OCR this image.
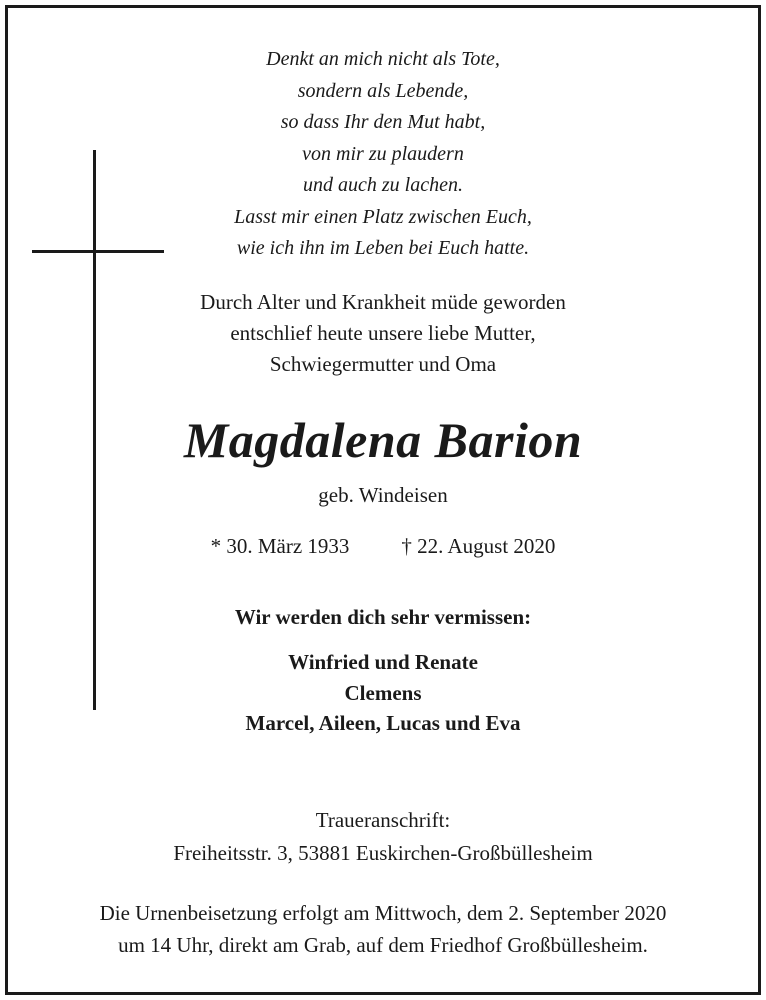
Denkt an mich nicht als Tote,
sondern als Lebende,
so dass Ihr den Mut habt,
von mir zu plaudern
und auch zu lachen.
Lasst mir einen Platz zwischen Euch,
wie ich ihn im Leben bei Euch hatte.
Durch Alter und Krankheit müde geworden
entschlief heute unsere liebe Mutter,
Schwiegermutter und Oma
Magdalena Barion
geb. Windeisen
* 30. März 1933 † 22. August 2020
Wir werden dich sehr vermissen:
Winfried und Renate
Clemens
Marcel, Aileen, Lucas und Eva
Traueranschrift:
Freiheitsstr. 3, 53881 Euskirchen-Großbüllesheim
Die Urnenbeisetzung erfolgt am Mittwoch, dem 2. September 2020
um 14 Uhr, direkt am Grab, auf dem Friedhof Großbüllesheim.
